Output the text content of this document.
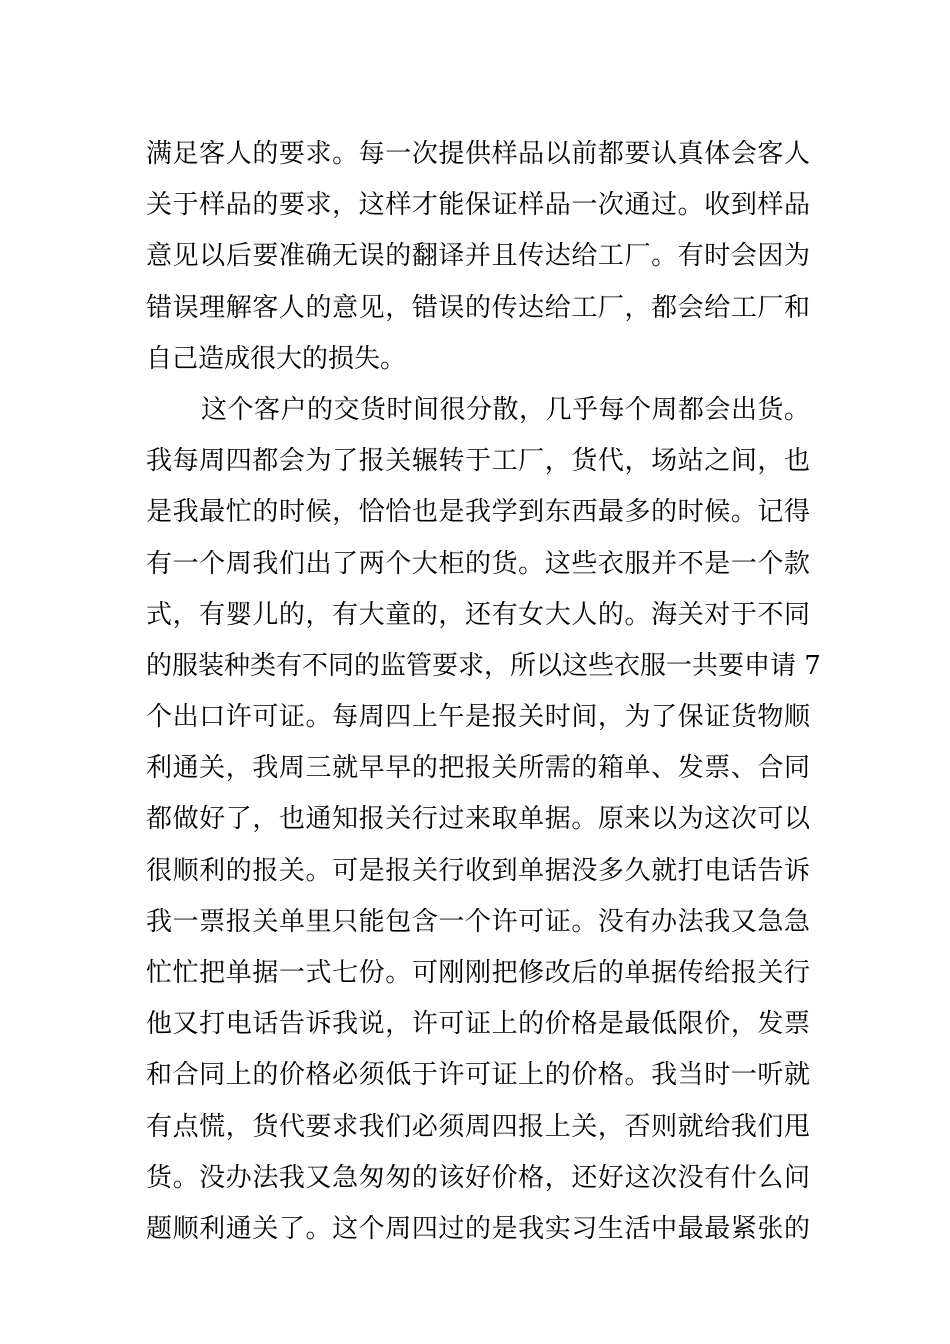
满足客人的要求。每一次提供样品以前都要认真体会客人
关于样品的要求，这样才能保证样品一次通过。收到样品
意见以后要准确无误的翻译并且传达给工厂。有时会因为
错误理解客人的意见，错误的传达给工厂，都会给工厂和
自己造成很大的损失。
这个客户的交货时间很分散，几乎每个周都会出货。
我每周四都会为了报关辗转于工厂，货代，场站之间，也
是我最忙的时候，恰恰也是我学到东西最多的时候。记得
有一个周我们出了两个大柜的货。这些衣服并不是一个款
式，有婴儿的，有大童的，还有女大人的。海关对于不同
的服装种类有不同的监管要求，所以这些衣服一共要申请 7
个出口许可证。每周四上午是报关时间，为了保证货物顺
利通关，我周三就早早的把报关所需的箱单、发票、合同
都做好了，也通知报关行过来取单据。原来以为这次可以
很顺利的报关。可是报关行收到单据没多久就打电话告诉
我一票报关单里只能包含一个许可证。没有办法我又急急
忙忙把单据一式七份。可刚刚把修改后的单据传给报关行
他又打电话告诉我说，许可证上的价格是最低限价，发票
和合同上的价格必须低于许可证上的价格。我当时一听就
有点慌，货代要求我们必须周四报上关，否则就给我们甩
货。没办法我又急匆匆的该好价格，还好这次没有什么问
题顺利通关了。这个周四过的是我实习生活中最最紧张的
